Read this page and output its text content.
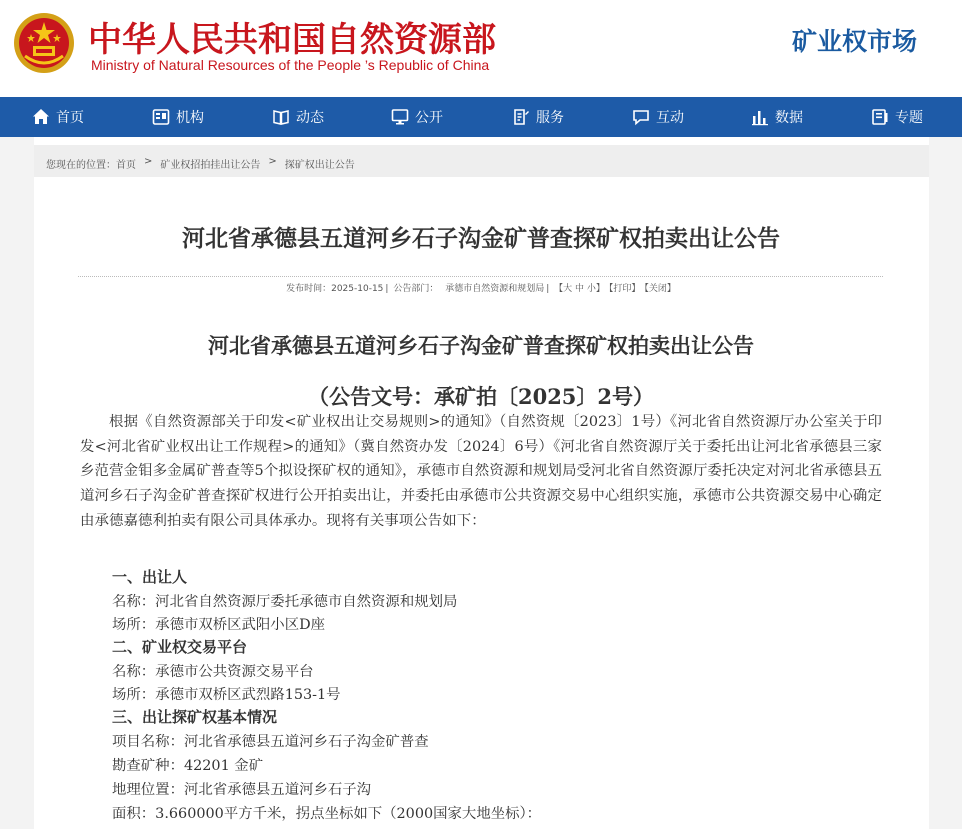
中华人民共和国自然资源部
Ministry of Natural Resources of the People ’s Republic of China
矿业权市场
首页	机构	动态	公开	服务	互动	数据	专题
您现在的位置： 首页 > 矿业权招拍挂出让公告 > 探矿权出让公告
河北省承德县五道河乡石子沟金矿普查探矿权拍卖出让公告
发布时间：2025-10-15 | 公告部门： 承德市自然资源和规划局 | 【大 中 小】 【打印】 【关闭】
河北省承德县五道河乡石子沟金矿普查探矿权拍卖出让公告
（公告文号：承矿拍〔2025〕2号）
根据《自然资源部关于印发<矿业权出让交易规则>的通知》（自然资规〔2023〕1号）《河北省自然资源厅办公室关于印发<河北省矿业权出让工作规程>的通知》（冀自然资办发〔2024〕6号）《河北省自然资源厅关于委托出让河北省承德县三家乡范营金钼多金属矿普查等5个拟设探矿权的通知》，承德市自然资源和规划局受河北省自然资源厅委托决定对河北省承德县五道河乡石子沟金矿普查探矿权进行公开拍卖出让，并委托由承德市公共资源交易中心组织实施，承德市公共资源交易中心确定由承德嘉德利拍卖有限公司具体承办。现将有关事项公告如下：
一、出让人
名称：河北省自然资源厅委托承德市自然资源和规划局
场所：承德市双桥区武阳小区D座
二、矿业权交易平台
名称：承德市公共资源交易平台
场所：承德市双桥区武烈路153-1号
三、出让探矿权基本情况
项目名称：河北省承德县五道河乡石子沟金矿普查
勘查矿种：42201 金矿
地理位置：河北省承德县五道河乡石子沟
面积：3.660000平方千米，拐点坐标如下（2000国家大地坐标）：
